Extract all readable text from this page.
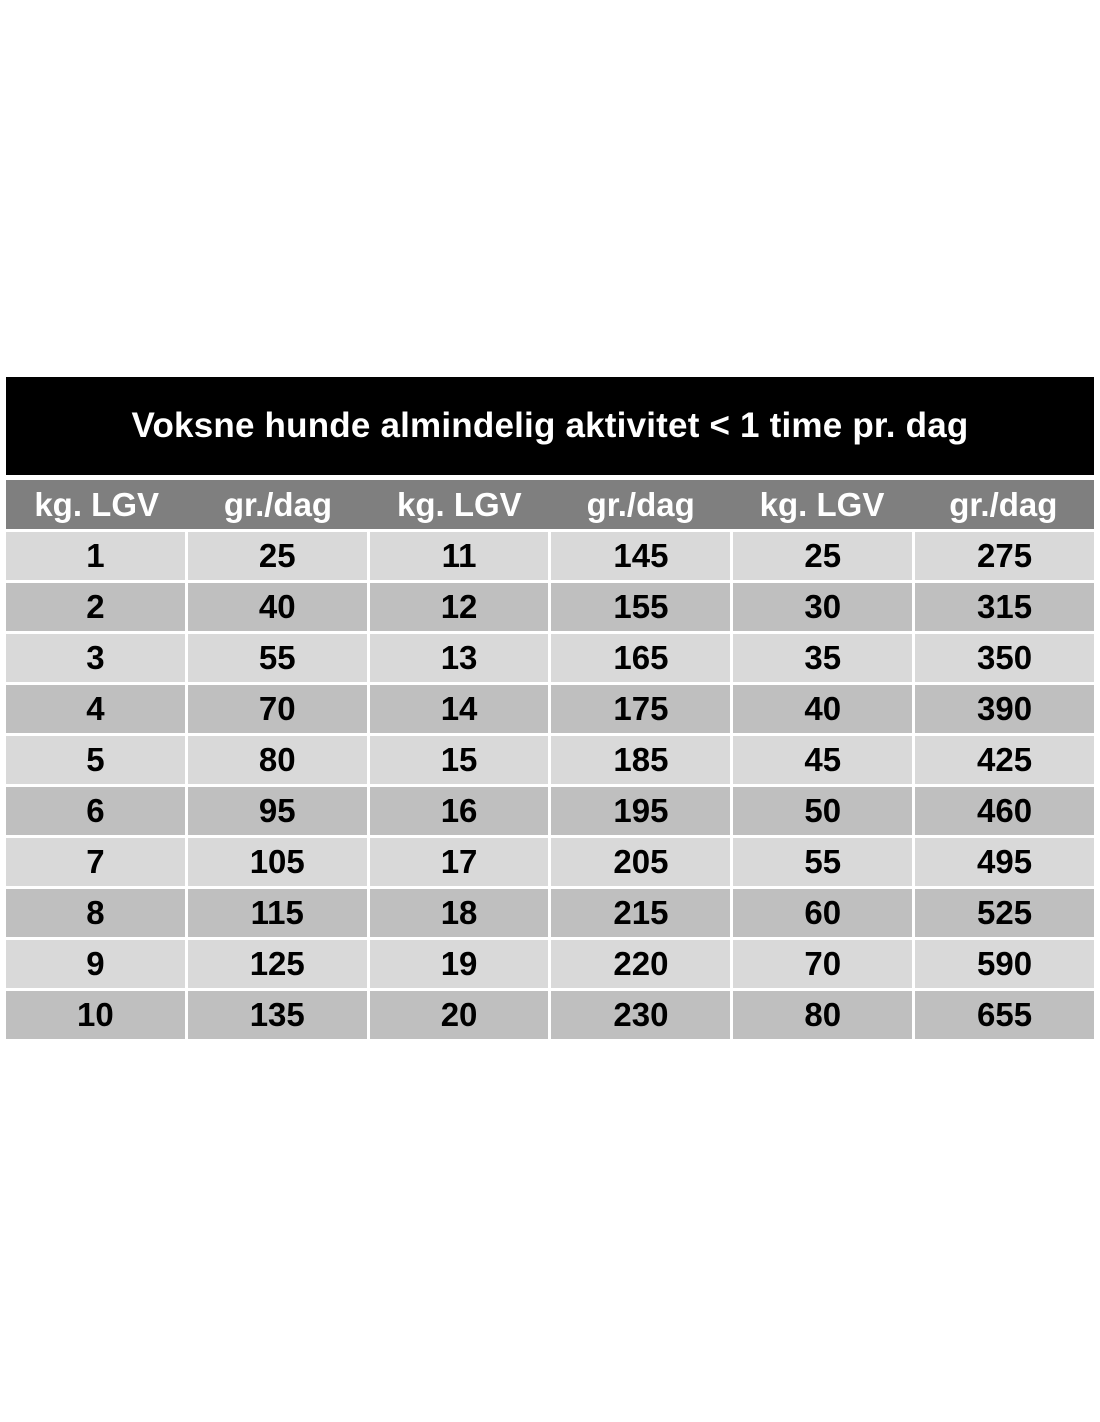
Voksne hunde almindelig aktivitet < 1 time pr. dag
kg. LGV	gr./dag	kg. LGV	gr./dag	kg. LGV	gr./dag
1	25	11	145	25	275
2	40	12	155	30	315
3	55	13	165	35	350
4	70	14	175	40	390
5	80	15	185	45	425
6	95	16	195	50	460
7	105	17	205	55	495
8	115	18	215	60	525
9	125	19	220	70	590
10	135	20	230	80	655
